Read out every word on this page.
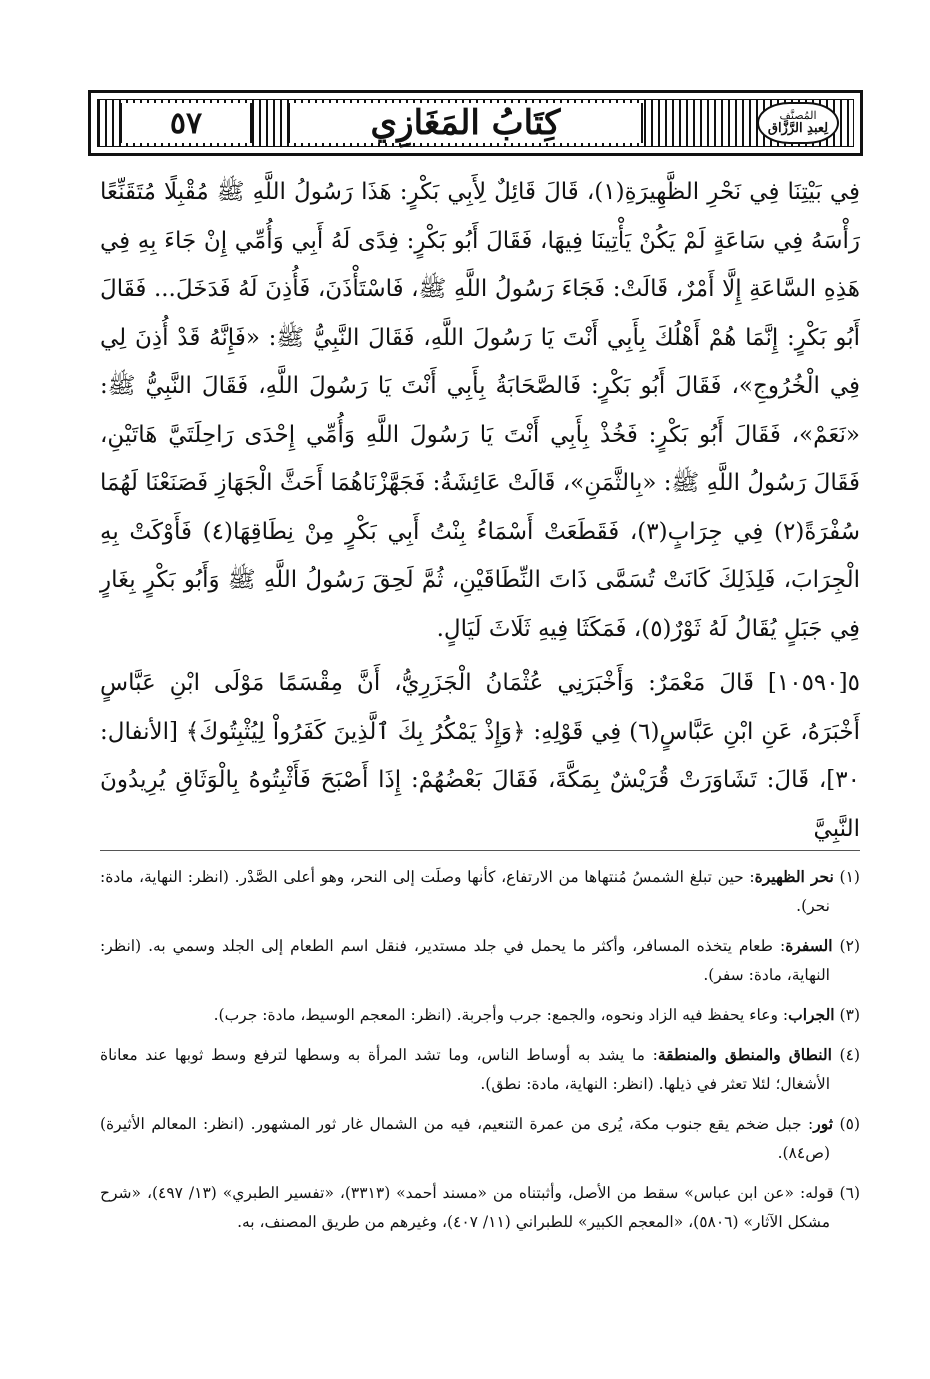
المُصنَّف
لِعبدِ الرَّزَّاق
كِتَابُ المَغَازِي
٥٧

فِي بَيْتِنَا فِي نَحْرِ الظَّهِيرَةِ(١)، قَالَ قَائِلٌ لِأَبِي بَكْرٍ: هَذَا رَسُولُ اللَّهِ ﷺ مُقْبِلًا مُتَقَنِّعًا رَأْسَهُ فِي سَاعَةٍ لَمْ يَكُنْ يَأْتِينَا فِيهَا، فَقَالَ أَبُو بَكْرٍ: فِدًى لَهُ أَبِي وَأُمِّي إِنْ جَاءَ بِهِ فِي هَذِهِ السَّاعَةِ إِلَّا أَمْرٌ، قَالَتْ: فَجَاءَ رَسُولُ اللَّهِ ﷺ، فَاسْتَأْذَنَ، فَأُذِنَ لَهُ فَدَخَلَ... فَقَالَ أَبُو بَكْرٍ: إِنَّمَا هُمْ أَهْلُكَ بِأَبِي أَنْتَ يَا رَسُولَ اللَّهِ، فَقَالَ النَّبِيُّ ﷺ: «فَإِنَّهُ قَدْ أُذِنَ لِي فِي الْخُرُوجِ»، فَقَالَ أَبُو بَكْرٍ: فَالصَّحَابَةُ بِأَبِي أَنْتَ يَا رَسُولَ اللَّهِ، فَقَالَ النَّبِيُّ ﷺ: «نَعَمْ»، فَقَالَ أَبُو بَكْرٍ: فَخُذْ بِأَبِي أَنْتَ يَا رَسُولَ اللَّهِ وَأُمِّي إِحْدَى رَاحِلَتَيَّ هَاتَيْنِ، فَقَالَ رَسُولُ اللَّهِ ﷺ: «بِالثَّمَنِ»، قَالَتْ عَائِشَةُ: فَجَهَّزْنَاهُمَا أَحَثَّ الْجَهَازِ فَصَنَعْنَا لَهُمَا سُفْرَةً(٢) فِي جِرَابٍ(٣)، فَقَطَعَتْ أَسْمَاءُ بِنْتُ أَبِي بَكْرٍ مِنْ نِطَاقِهَا(٤) فَأَوْكَتْ بِهِ الْجِرَابَ، فَلِذَلِكَ كَانَتْ تُسَمَّى ذَاتَ النِّطَاقَيْنِ، ثُمَّ لَحِقَ رَسُولُ اللَّهِ ﷺ وَأَبُو بَكْرٍ بِغَارٍ فِي جَبَلٍ يُقَالُ لَهُ ثَوْرٌ(٥)، فَمَكَثَا فِيهِ ثَلَاثَ لَيَالٍ.

٥[١٠٥٩٠] قَالَ مَعْمَرٌ: وَأَخْبَرَنِي عُثْمَانُ الْجَزَرِيُّ، أَنَّ مِقْسَمًا مَوْلَى ابْنِ عَبَّاسٍ أَخْبَرَهُ، عَنِ ابْنِ عَبَّاسٍ(٦) فِي قَوْلِهِ: ﴿وَإِذْ يَمْكُرُ بِكَ ٱلَّذِينَ كَفَرُواْ لِيُثْبِتُوكَ﴾ [الأنفال: ٣٠]، قَالَ: تَشَاوَرَتْ قُرَيْشٌ بِمَكَّةَ، فَقَالَ بَعْضُهُمْ: إِذَا أَصْبَحَ فَأَثْبِتُوهُ بِالْوَثَاقِ يُرِيدُونَ النَّبِيَّ

(١) نحر الظهيرة: حين تبلغ الشمسُ مُنتهاها من الارتفاع، كأنها وصلَت إلى النحر، وهو أعلى الصَّدْر. (انظر: النهاية، مادة: نحر).

(٢) السفرة: طعام يتخذه المسافر، وأكثر ما يحمل في جلد مستدير، فنقل اسم الطعام إلى الجلد وسمي به. (انظر: النهاية، مادة: سفر).

(٣) الجراب: وعاء يحفظ فيه الزاد ونحوه، والجمع: جرب وأجربة. (انظر: المعجم الوسيط، مادة: جرب).

(٤) النطاق والمنطق والمنطقة: ما يشد به أوساط الناس، وما تشد المرأة به وسطها لترفع وسط ثوبها عند معاناة الأشغال؛ لئلا تعثر في ذيلها. (انظر: النهاية، مادة: نطق).

(٥) ثور: جبل ضخم يقع جنوب مكة، يُرى من عمرة التنعيم، فيه من الشمال غار ثور المشهور. (انظر: المعالم الأثيرة) (ص٨٤).

(٦) قوله: «عن ابن عباس» سقط من الأصل، وأثبتناه من «مسند أحمد» (٣٣١٣)، «تفسير الطبري» (١٣/ ٤٩٧)، «شرح مشكل الآثار» (٥٨٠٦)، «المعجم الكبير» للطبراني (١١/ ٤٠٧)، وغيرهم من طريق المصنف، به.
